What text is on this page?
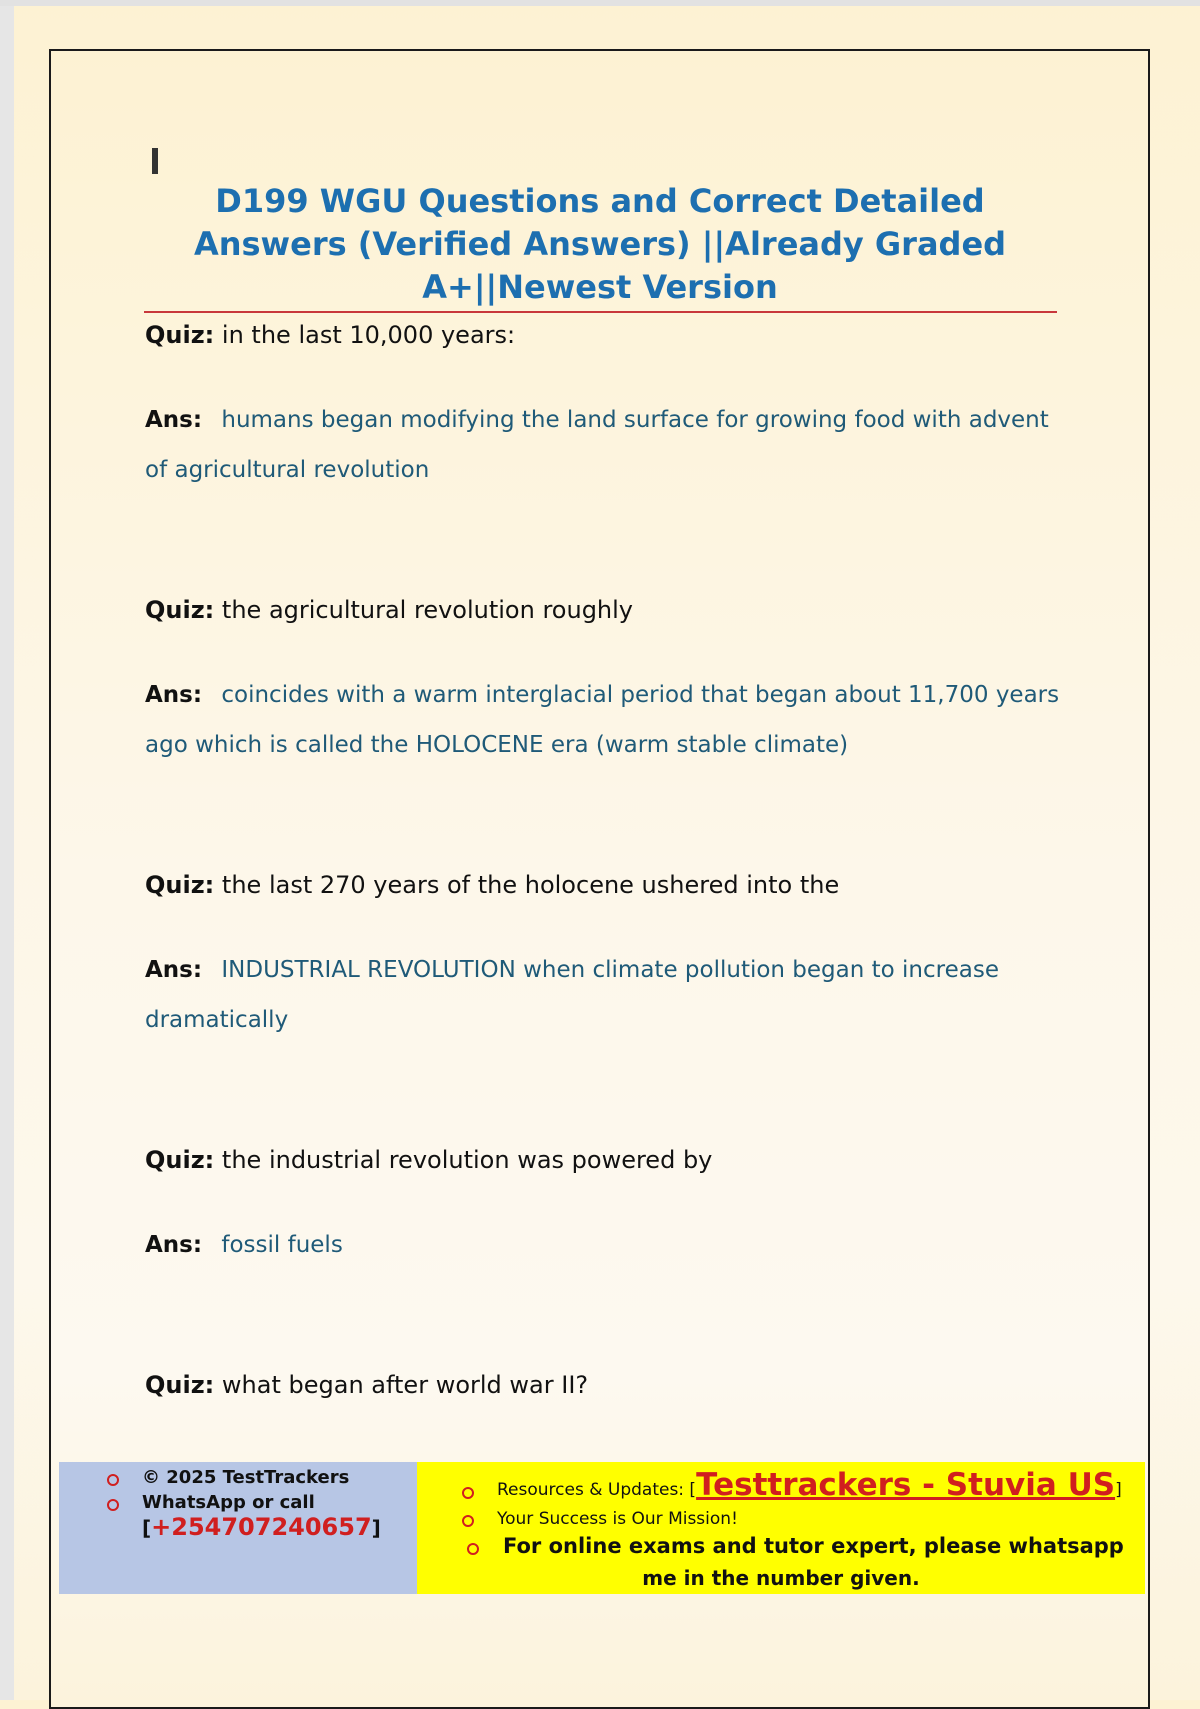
D199 WGU Questions and Correct Detailed Answers (Verified Answers) ||Already Graded A+||Newest Version
Quiz: in the last 10,000 years:
Ans: humans began modifying the land surface for growing food with advent of agricultural revolution
Quiz: the agricultural revolution roughly
Ans: coincides with a warm interglacial period that began about 11,700 years ago which is called the HOLOCENE era (warm stable climate)
Quiz: the last 270 years of the holocene ushered into the
Ans: INDUSTRIAL REVOLUTION when climate pollution began to increase dramatically
Quiz: the industrial revolution was powered by
Ans: fossil fuels
Quiz: what began after world war II?
© 2025 TestTrackers
WhatsApp or call
[+254707240657]
Resources & Updates: [Testtrackers - Stuvia US]
Your Success is Our Mission!
For online exams and tutor expert, please whatsapp
me in the number given.
